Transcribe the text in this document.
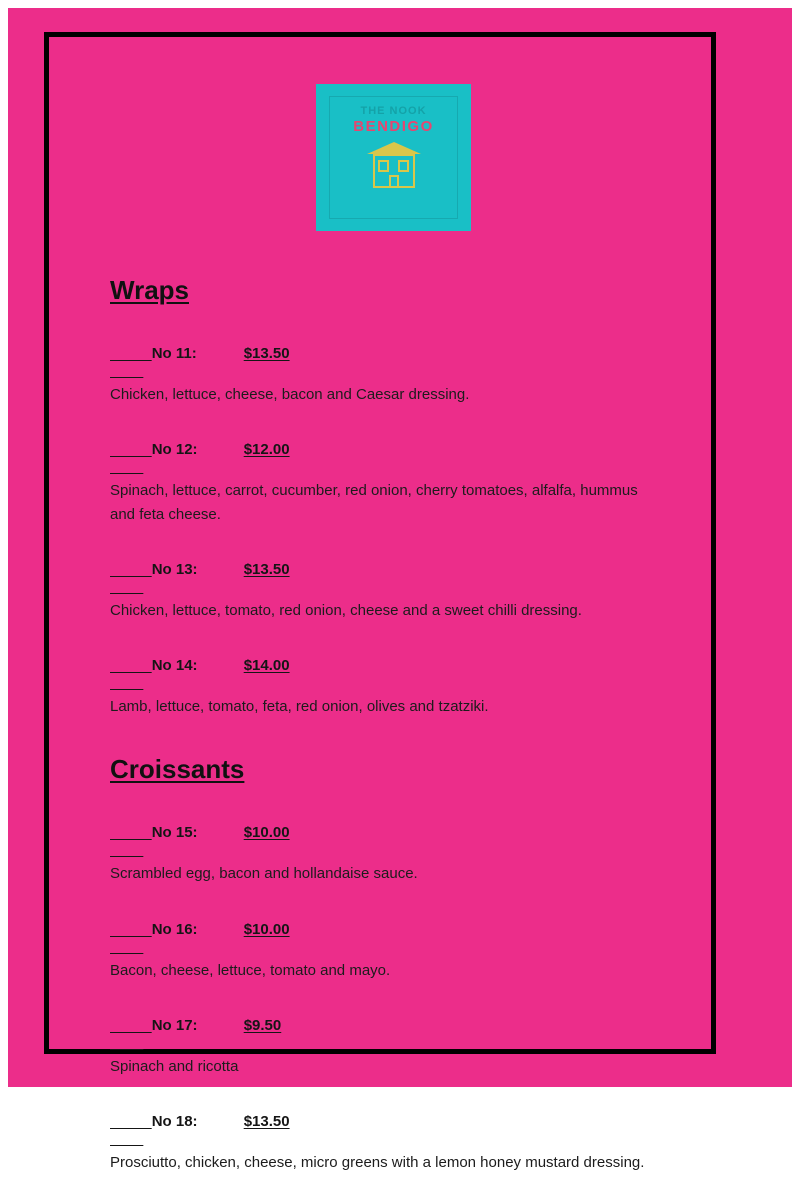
THE NOOK
BENDIGO
Wraps

No 11:	$13.50

Chicken, lettuce, cheese, bacon and Caesar dressing.

No 12:	$12.00

Spinach, lettuce, carrot, cucumber, red onion, cherry tomatoes, alfalfa, hummus and feta cheese.

No 13:	$13.50

Chicken, lettuce, tomato, red onion, cheese and a sweet chilli dressing.

No 14:	$14.00

Lamb, lettuce, tomato, feta, red onion, olives and tzatziki.

Croissants

No 15:	$10.00

Scrambled egg, bacon and hollandaise sauce.

No 16:	$10.00

Bacon, cheese, lettuce, tomato and mayo.

No 17:	$9.50

Spinach and ricotta

No 18:	$13.50

Prosciutto, chicken, cheese, micro greens with a lemon honey mustard dressing.
